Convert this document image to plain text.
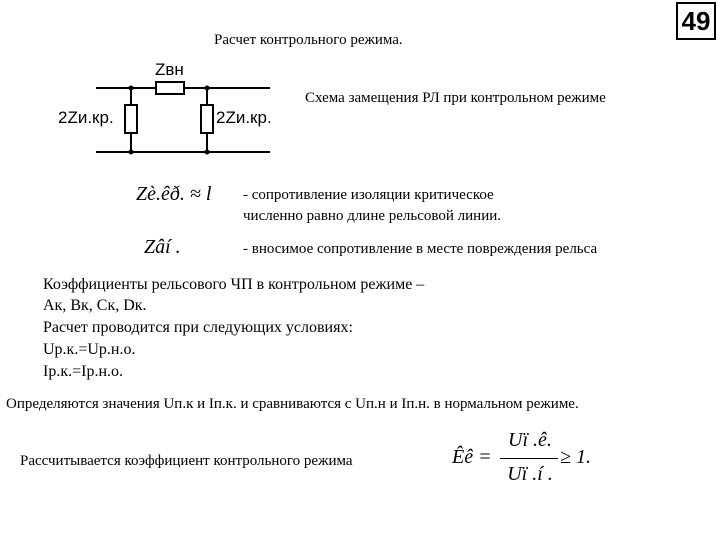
49
Расчет контрольного режима.
Zвн
2Zи.кр.	2Zи.кр.
Схема замещения РЛ при контрольном режиме
Zè.êð. ≈ l - сопротивление изоляции критическое
численно равно длине рельсовой линии.
Zâí .	- вносимое сопротивление в месте повреждения рельса
Коэффициенты рельсового ЧП в контрольном режиме –
Ак, Вк, Ск, Dк.
Расчет проводится при следующих условиях:
Uр.к.=Uр.н.о.
Iр.к.=Iр.н.о.
Определяются значения Uп.к и Iп.к. и сравниваются с Uп.н и Iп.н. в нормальном режиме.
Рассчитывается коэффициент контрольного режима	Êê =
Uï .ê.
Uï .í .
≥ 1.
